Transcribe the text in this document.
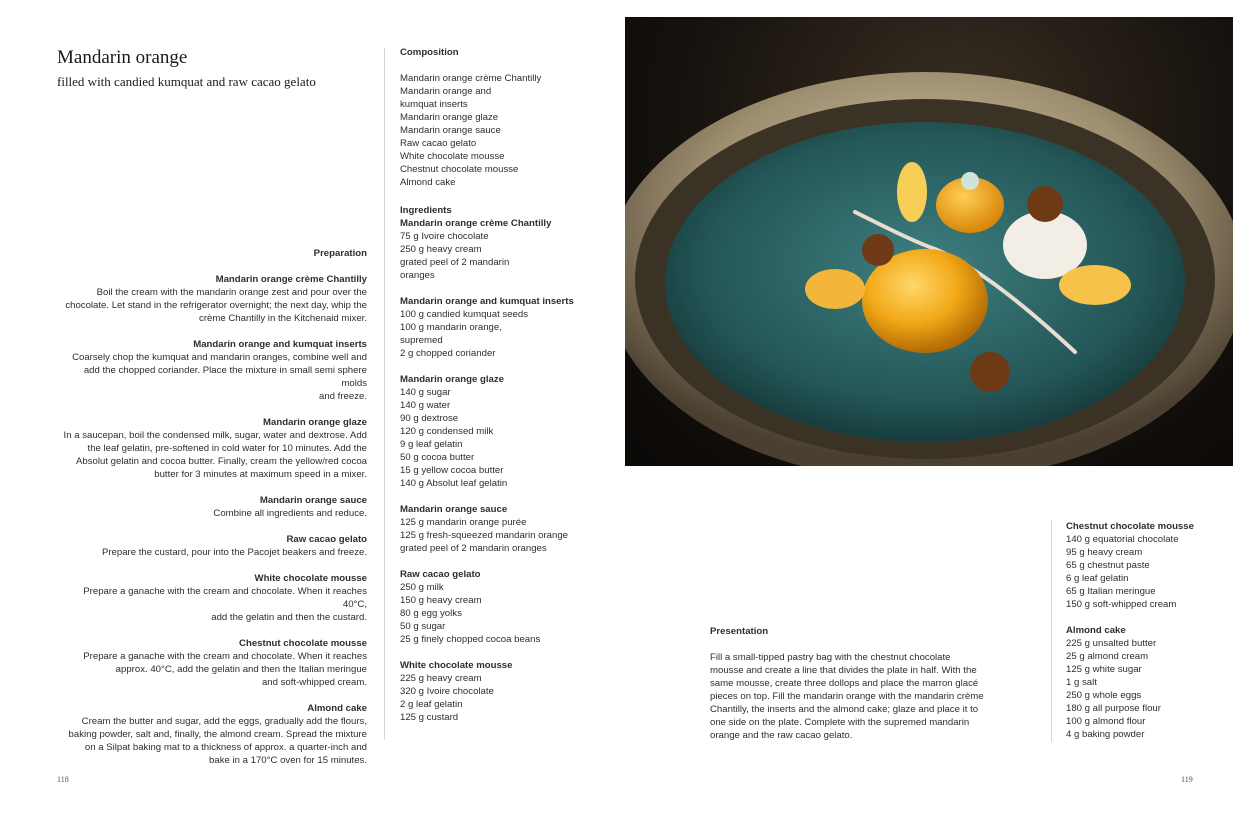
Mandarin orange
filled with candied kumquat and raw cacao gelato
Preparation
Mandarin orange crème Chantilly

Boil the cream with the mandarin orange zest and pour over the

chocolate. Let stand in the refrigerator overnight; the next day, whip the

crème Chantilly in the Kitchenaid mixer.

Mandarin orange and kumquat inserts

Coarsely chop the kumquat and mandarin oranges, combine well and

add the chopped coriander. Place the mixture in small semi sphere molds

and freeze.

Mandarin orange glaze

In a saucepan, boil the condensed milk, sugar, water and dextrose. Add

the leaf gelatin, pre-softened in cold water for 10 minutes. Add the

Absolut gelatin and cocoa butter. Finally, cream the yellow/red cocoa

butter for 3 minutes at maximum speed in a mixer.

Mandarin orange sauce

Combine all ingredients and reduce.

Raw cacao gelato

Prepare the custard, pour into the Pacojet beakers and freeze.

White chocolate mousse

Prepare a ganache with the cream and chocolate. When it reaches 40°C,

add the gelatin and then the custard.

Chestnut chocolate mousse

Prepare a ganache with the cream and chocolate. When it reaches

approx. 40°C, add the gelatin and then the Italian meringue

and soft-whipped cream.

Almond cake

Cream the butter and sugar, add the eggs, gradually add the flours,

baking powder, salt and, finally, the almond cream. Spread the mixture

on a Silpat baking mat to a thickness of approx. a quarter-inch and

bake in a 170°C oven for 15 minutes.

Composition
Mandarin orange crème Chantilly
Mandarin orange and
kumquat inserts
Mandarin orange glaze
Mandarin orange sauce
Raw cacao gelato
White chocolate mousse
Chestnut chocolate mousse
Almond cake
Ingredients
Mandarin orange crème Chantilly
75 g Ivoire chocolate
250 g heavy cream
grated peel of 2 mandarin
oranges
Mandarin orange and kumquat inserts
100 g candied kumquat seeds
100 g mandarin orange,
supremed
2 g chopped coriander
Mandarin orange glaze
140 g sugar
140 g water
90 g dextrose
120 g condensed milk
9 g leaf gelatin
50 g cocoa butter
15 g yellow cocoa butter
140 g Absolut leaf gelatin
Mandarin orange sauce
125 g mandarin orange purée
125 g fresh-squeezed mandarin orange
grated peel of 2 mandarin oranges
Raw cacao gelato
250 g milk
150 g heavy cream
80 g egg yolks
50 g sugar
25 g finely chopped cocoa beans
White chocolate mousse
225 g heavy cream
320 g Ivoire chocolate
2 g leaf gelatin
125 g custard
118
Presentation

Fill a small-tipped pastry bag with the chestnut chocolate

mousse and create a line that divides the plate in half. With the

same mousse, create three dollops and place the marron glacé

pieces on top. Fill the mandarin orange with the mandarin crème

Chantilly, the inserts and the almond cake; glaze and place it to

one side on the plate. Complete with the supremed mandarin

orange and the raw cacao gelato.

Chestnut chocolate mousse
140 g equatorial chocolate
95 g heavy cream
65 g chestnut paste
6 g leaf gelatin
65 g Italian meringue
150 g soft-whipped cream
Almond cake
225 g unsalted butter
25 g almond cream
125 g white sugar
1 g salt
250 g whole eggs
180 g all purpose flour
100 g almond flour
4 g baking powder
119
